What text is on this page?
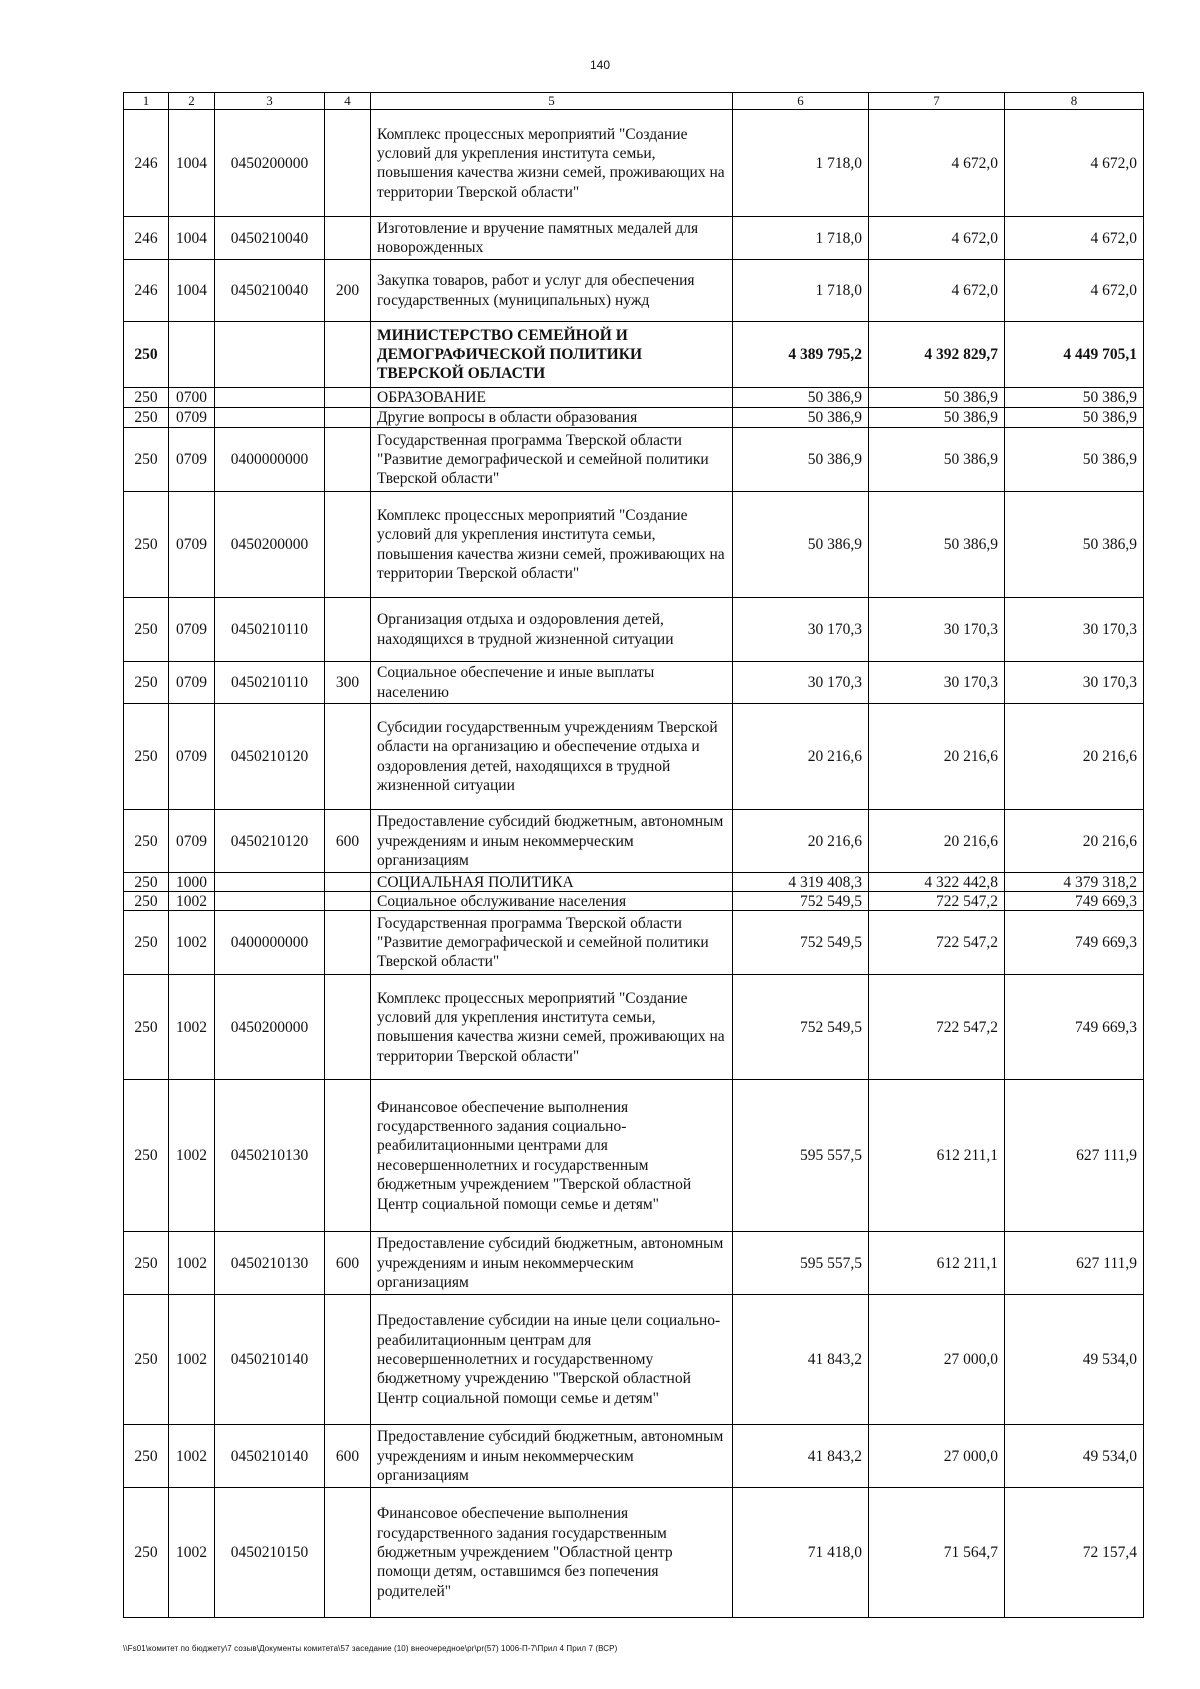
140
1	2	3	4	5	6	7	8
246	1004	0450200000		Комплекс процессных мероприятий "Создание условий для укрепления института семьи, повышения качества жизни семей, проживающих на территории Тверской области"	1 718,0	4 672,0	4 672,0
246	1004	0450210040		Изготовление и вручение памятных медалей для новорожденных	1 718,0	4 672,0	4 672,0
246	1004	0450210040	200	Закупка товаров, работ и услуг для обеспечения государственных (муниципальных) нужд	1 718,0	4 672,0	4 672,0
250				МИНИСТЕРСТВО СЕМЕЙНОЙ И ДЕМОГРАФИЧЕСКОЙ ПОЛИТИКИ ТВЕРСКОЙ ОБЛАСТИ	4 389 795,2	4 392 829,7	4 449 705,1
250	0700			ОБРАЗОВАНИЕ	50 386,9	50 386,9	50 386,9
250	0709			Другие вопросы в области образования	50 386,9	50 386,9	50 386,9
250	0709	0400000000		Государственная программа Тверской области "Развитие демографической и семейной политики Тверской области"	50 386,9	50 386,9	50 386,9
250	0709	0450200000		Комплекс процессных мероприятий "Создание условий для укрепления института семьи, повышения качества жизни семей, проживающих на территории Тверской области"	50 386,9	50 386,9	50 386,9
250	0709	0450210110		Организация отдыха и оздоровления детей, находящихся в трудной жизненной ситуации	30 170,3	30 170,3	30 170,3
250	0709	0450210110	300	Социальное обеспечение и иные выплаты населению	30 170,3	30 170,3	30 170,3
250	0709	0450210120		Субсидии государственным учреждениям Тверской области на организацию и обеспечение отдыха и оздоровления детей, находящихся в трудной жизненной ситуации	20 216,6	20 216,6	20 216,6
250	0709	0450210120	600	Предоставление субсидий бюджетным, автономным учреждениям и иным некоммерческим организациям	20 216,6	20 216,6	20 216,6
250	1000			СОЦИАЛЬНАЯ ПОЛИТИКА	4 319 408,3	4 322 442,8	4 379 318,2
250	1002			Социальное обслуживание населения	752 549,5	722 547,2	749 669,3
250	1002	0400000000		Государственная программа Тверской области "Развитие демографической и семейной политики Тверской области"	752 549,5	722 547,2	749 669,3
250	1002	0450200000		Комплекс процессных мероприятий "Создание условий для укрепления института семьи, повышения качества жизни семей, проживающих на территории Тверской области"	752 549,5	722 547,2	749 669,3
250	1002	0450210130		Финансовое обеспечение выполнения государственного задания социально-реабилитационными центрами для несовершеннолетних и государственным бюджетным учреждением "Тверской областной Центр социальной помощи семье и детям"	595 557,5	612 211,1	627 111,9
250	1002	0450210130	600	Предоставление субсидий бюджетным, автономным учреждениям и иным некоммерческим организациям	595 557,5	612 211,1	627 111,9
250	1002	0450210140		Предоставление субсидии на иные цели социально-реабилитационным центрам для несовершеннолетних и государственному бюджетному учреждению "Тверской областной Центр социальной помощи семье и детям"	41 843,2	27 000,0	49 534,0
250	1002	0450210140	600	Предоставление субсидий бюджетным, автономным учреждениям и иным некоммерческим организациям	41 843,2	27 000,0	49 534,0
250	1002	0450210150		Финансовое обеспечение выполнения государственного задания государственным бюджетным учреждением "Областной центр помощи детям, оставшимся без попечения родителей"	71 418,0	71 564,7	72 157,4
\\Fs01\комитет по бюджету\7 созыв\Документы комитета\57 заседание (10) внеочередное\pr\pr(57) 1006-П-7\Прил 4 Прил 7 (ВСР)
